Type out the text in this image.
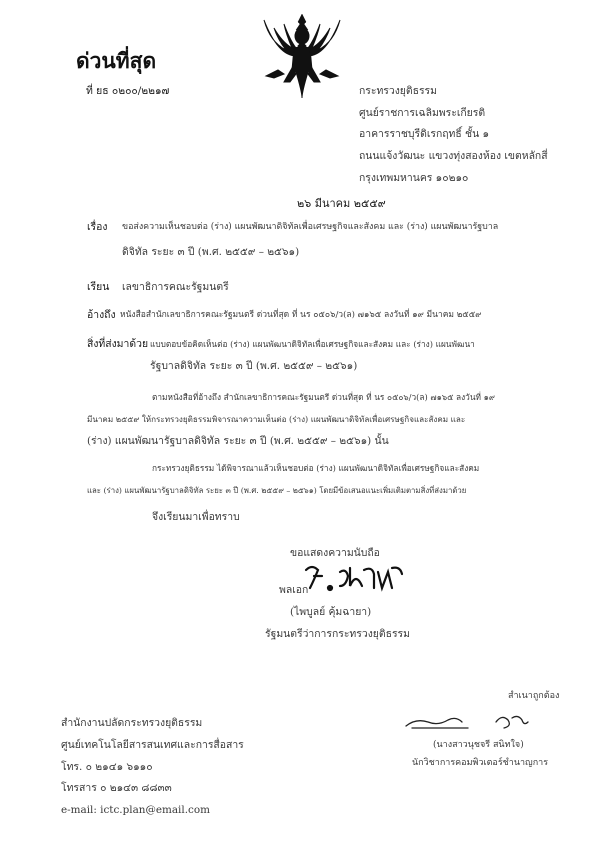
ด่วนที่สุด
ที่ ยธ ๐๒๐๐/๒๒๑๗	กระทรวงยุติธรรม
ศูนย์ราชการเฉลิมพระเกียรติ
อาคารราชบุรีดิเรกฤทธิ์ ชั้น ๑
ถนนแจ้งวัฒนะ แขวงทุ่งสองห้อง เขตหลักสี่
กรุงเทพมหานคร ๑๐๒๑๐
๒๖ มีนาคม ๒๕๕๙
เรื่อง ขอส่งความเห็นชอบต่อ (ร่าง) แผนพัฒนาดิจิทัลเพื่อเศรษฐกิจและสังคม และ (ร่าง) แผนพัฒนารัฐบาล
ดิจิทัล ระยะ ๓ ปี (พ.ศ. ๒๕๕๙ – ๒๕๖๑)
เรียน เลขาธิการคณะรัฐมนตรี
อ้างถึง หนังสือสำนักเลขาธิการคณะรัฐมนตรี ด่วนที่สุด ที่ นร ๐๕๐๖/ว(ล) ๗๑๖๕ ลงวันที่ ๑๙ มีนาคม ๒๕๕๙
สิ่งที่ส่งมาด้วย แบบตอบข้อคิดเห็นต่อ (ร่าง) แผนพัฒนาดิจิทัลเพื่อเศรษฐกิจและสังคม และ (ร่าง) แผนพัฒนา
รัฐบาลดิจิทัล ระยะ ๓ ปี (พ.ศ. ๒๕๕๙ – ๒๕๖๑)
ตามหนังสือที่อ้างถึง สำนักเลขาธิการคณะรัฐมนตรี ด่วนที่สุด ที่ นร ๐๕๐๖/ว(ล) ๗๑๖๕ ลงวันที่ ๑๙
มีนาคม ๒๕๕๙ ให้กระทรวงยุติธรรมพิจารณาความเห็นต่อ (ร่าง) แผนพัฒนาดิจิทัลเพื่อเศรษฐกิจและสังคม และ
(ร่าง) แผนพัฒนารัฐบาลดิจิทัล ระยะ ๓ ปี (พ.ศ. ๒๕๕๙ – ๒๕๖๑) นั้น
กระทรวงยุติธรรม ได้พิจารณาแล้วเห็นชอบต่อ (ร่าง) แผนพัฒนาดิจิทัลเพื่อเศรษฐกิจและสังคม
และ (ร่าง) แผนพัฒนารัฐบาลดิจิทัล ระยะ ๓ ปี (พ.ศ. ๒๕๕๙ – ๒๕๖๑) โดยมีข้อเสนอแนะเพิ่มเติมตามสิ่งที่ส่งมาด้วย
จึงเรียนมาเพื่อทราบ
ขอแสดงความนับถือ
พลเอก
(ไพบูลย์ คุ้มฉายา)
รัฐมนตรีว่าการกระทรวงยุติธรรม
สำนักงานปลัดกระทรวงยุติธรรม
ศูนย์เทคโนโลยีสารสนเทศและการสื่อสาร
โทร. ๐ ๒๑๔๑ ๖๑๑๐
โทรสาร ๐ ๒๑๔๓ ๘๘๓๓
e-mail: ictc.plan@email.com
สำเนาถูกต้อง
(นางสาวนุชจรี สนิทใจ)
นักวิชาการคอมพิวเตอร์ชำนาญการ
